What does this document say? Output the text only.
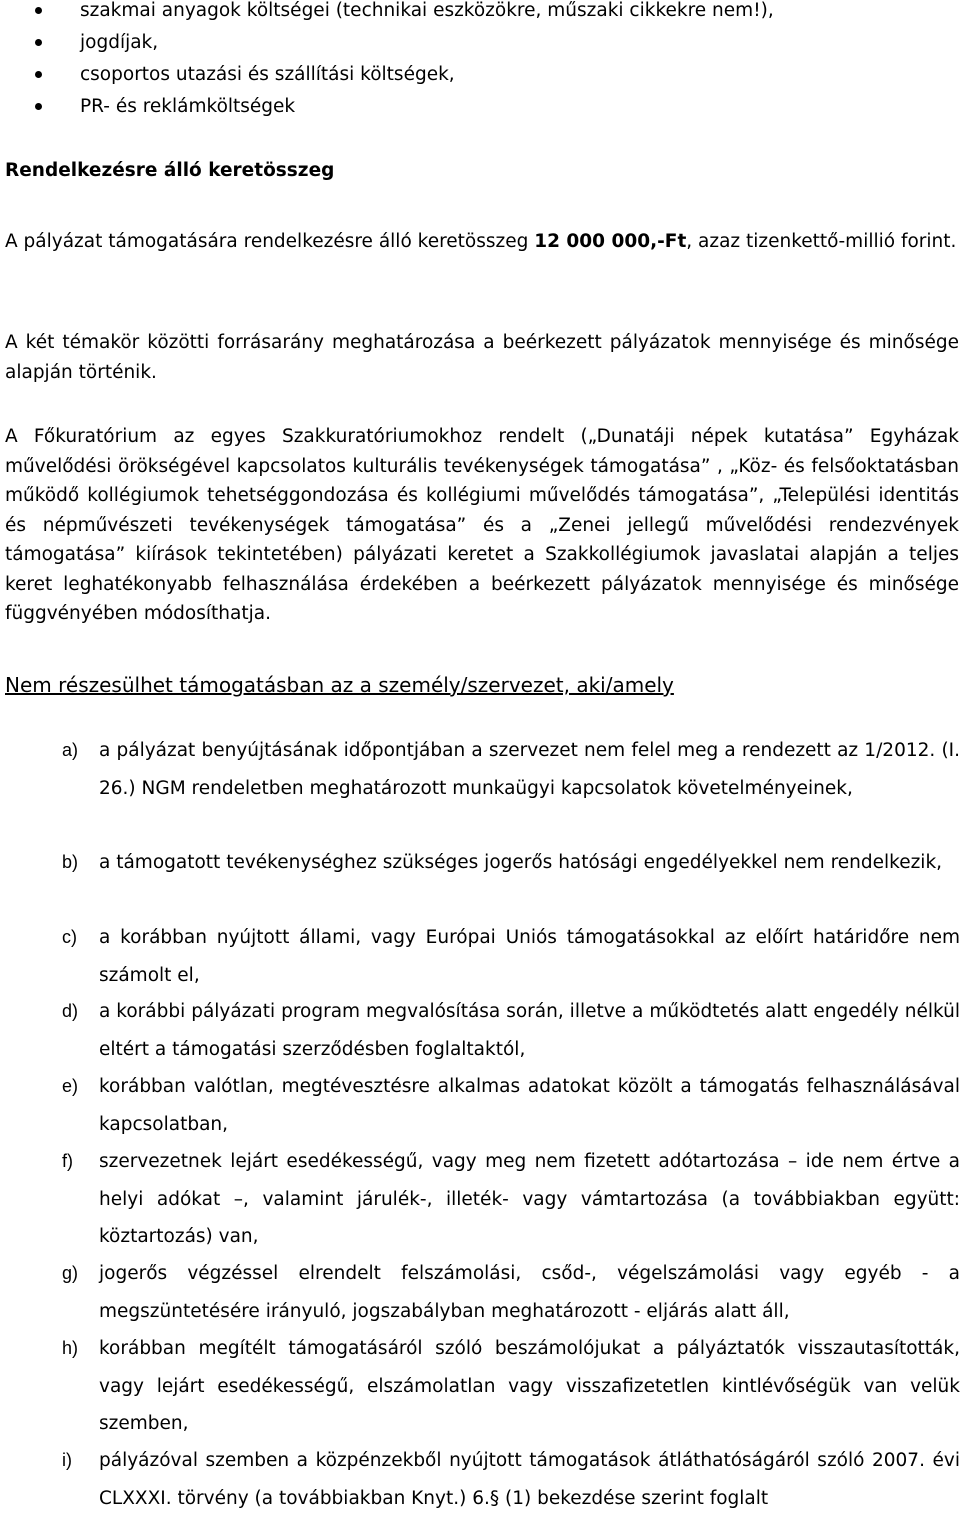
szakmai anyagok költségei (technikai eszközökre, műszaki cikkekre nem!),
jogdíjak,
csoportos utazási és szállítási költségek,
PR- és reklámköltségek
Rendelkezésre álló keretösszeg

A pályázat támogatására rendelkezésre álló keretösszeg 12 000 000,-Ft, azaz tizenkettő-millió forint.

A két témakör közötti forrásarány meghatározása a beérkezett pályázatok mennyisége és minősége alapján történik.

A Főkuratórium az egyes Szakkuratóriumokhoz rendelt („Dunatáji népek kutatása” Egyházak művelődési örökségével kapcsolatos kulturális tevékenységek támogatása” , „Köz- és felsőoktatásban működő kollégiumok tehetséggondozása és kollégiumi művelődés támogatása”, „Települési identitás és népművészeti tevékenységek támogatása” és a „Zenei jellegű művelődési rendezvények támogatása” kiírások tekintetében) pályázati keretet a Szakkollégiumok javaslatai alapján a teljes keret leghatékonyabb felhasználása érdekében a beérkezett pályázatok mennyisége és minősége függvényében módosíthatja.

Nem részesülhet támogatásban az a személy/szervezet, aki/amely
a) a pályázat benyújtásának időpontjában a szervezet nem felel meg a rendezett az 1/2012. (I. 26.) NGM rendeletben meghatározott munkaügyi kapcsolatok követelményeinek,

b) a támogatott tevékenységhez szükséges jogerős hatósági engedélyekkel nem rendelkezik,

c) a korábban nyújtott állami, vagy Európai Uniós támogatásokkal az előírt határidőre nem számolt el,

d) a korábbi pályázati program megvalósítása során, illetve a működtetés alatt engedély nélkül eltért a támogatási szerződésben foglaltaktól,

e) korábban valótlan, megtévesztésre alkalmas adatokat közölt a támogatás felhasználásával kapcsolatban,

f) szervezetnek lejárt esedékességű, vagy meg nem fizetett adótartozása – ide nem értve a helyi adókat –, valamint járulék-, illeték- vagy vámtartozása (a továbbiakban együtt: köztartozás) van,

g) jogerős végzéssel elrendelt felszámolási, csőd-, végelszámolási vagy egyéb - a megszüntetésére irányuló, jogszabályban meghatározott - eljárás alatt áll,

h) korábban megítélt támogatásáról szóló beszámolójukat a pályáztatók visszautasították, vagy lejárt esedékességű, elszámolatlan vagy visszafizetetlen kintlévőségük van velük szemben,

i) pályázóval szemben a közpénzekből nyújtott támogatások átláthatóságáról szóló 2007. évi CLXXXI. törvény (a továbbiakban Knyt.) 6.§ (1) bekezdése szerint foglalt
